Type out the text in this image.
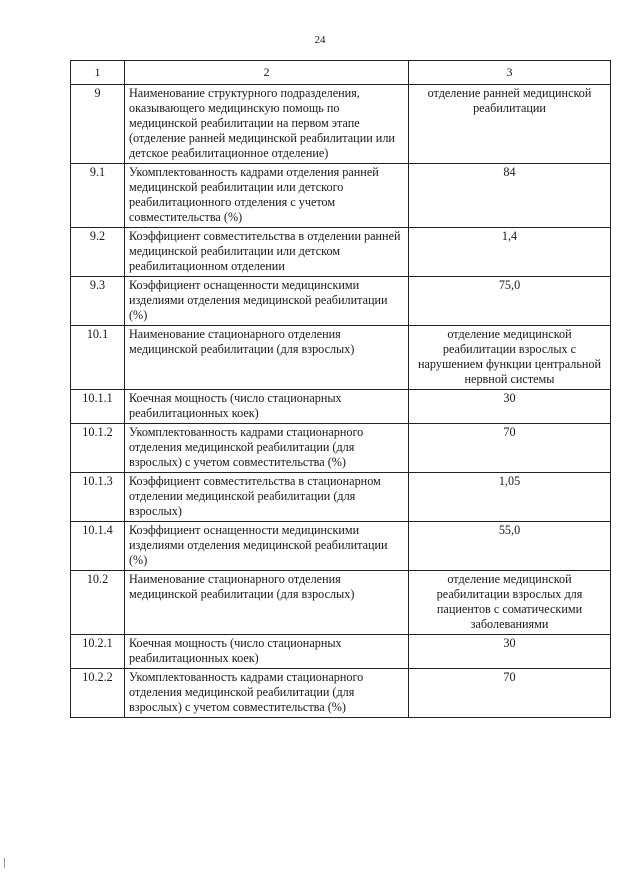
24
1	2	3
9	Наименование структурного подразделения, оказывающего медицинскую помощь по медицинской реабилитации на первом этапе (отделение ранней медицинской реабилитации или детское реабилитационное отделение)	отделение ранней медицинской реабилитации
9.1	Укомплектованность кадрами отделения ранней медицинской реабилитации или детского реабилитационного отделения с учетом совместительства (%)	84
9.2	Коэффициент совместительства в отделении ранней медицинской реабилитации или детском реабилитационном отделении	1,4
9.3	Коэффициент оснащенности медицинскими изделиями отделения медицинской реабилитации (%)	75,0
10.1	Наименование стационарного отделения медицинской реабилитации (для взрослых)	отделение медицинской реабилитации взрослых с нарушением функции центральной нервной системы
10.1.1	Коечная мощность (число стационарных реабилитационных коек)	30
10.1.2	Укомплектованность кадрами стационарного отделения медицинской реабилитации (для взрослых) с учетом совместительства (%)	70
10.1.3	Коэффициент совместительства в стационарном отделении медицинской реабилитации (для взрослых)	1,05
10.1.4	Коэффициент оснащенности медицинскими изделиями отделения медицинской реабилитации (%)	55,0
10.2	Наименование стационарного отделения медицинской реабилитации (для взрослых)	отделение медицинской реабилитации взрослых для пациентов с соматическими заболеваниями
10.2.1	Коечная мощность (число стационарных реабилитационных коек)	30
10.2.2	Укомплектованность кадрами стационарного отделения медицинской реабилитации (для взрослых) с учетом совместительства (%)	70
